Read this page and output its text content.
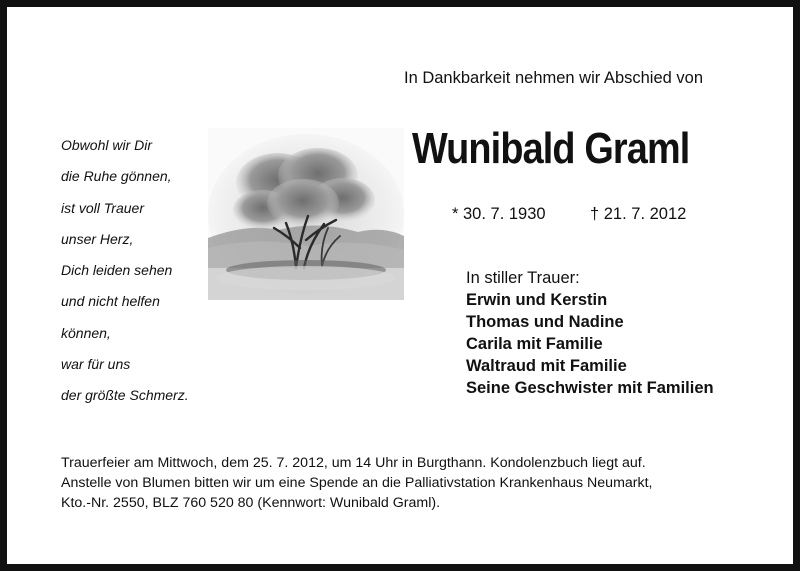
In Dankbarkeit nehmen wir Abschied von
Obwohl wir Dir
die Ruhe gönnen,
ist voll Trauer
unser Herz,
Dich leiden sehen
und nicht helfen
können,
war für uns
der größte Schmerz.
Wunibald Graml
* 30. 7. 1930	† 21. 7. 2012
In stiller Trauer:
Erwin und Kerstin
Thomas und Nadine
Carila mit Familie
Waltraud mit Familie
Seine Geschwister mit Familien
Trauerfeier am Mittwoch, dem 25. 7. 2012, um 14 Uhr in Burgthann. Kondolenzbuch liegt auf.
Anstelle von Blumen bitten wir um eine Spende an die Palliativstation Krankenhaus Neumarkt,
Kto.-Nr. 2550, BLZ 760 520 80 (Kennwort: Wunibald Graml).
